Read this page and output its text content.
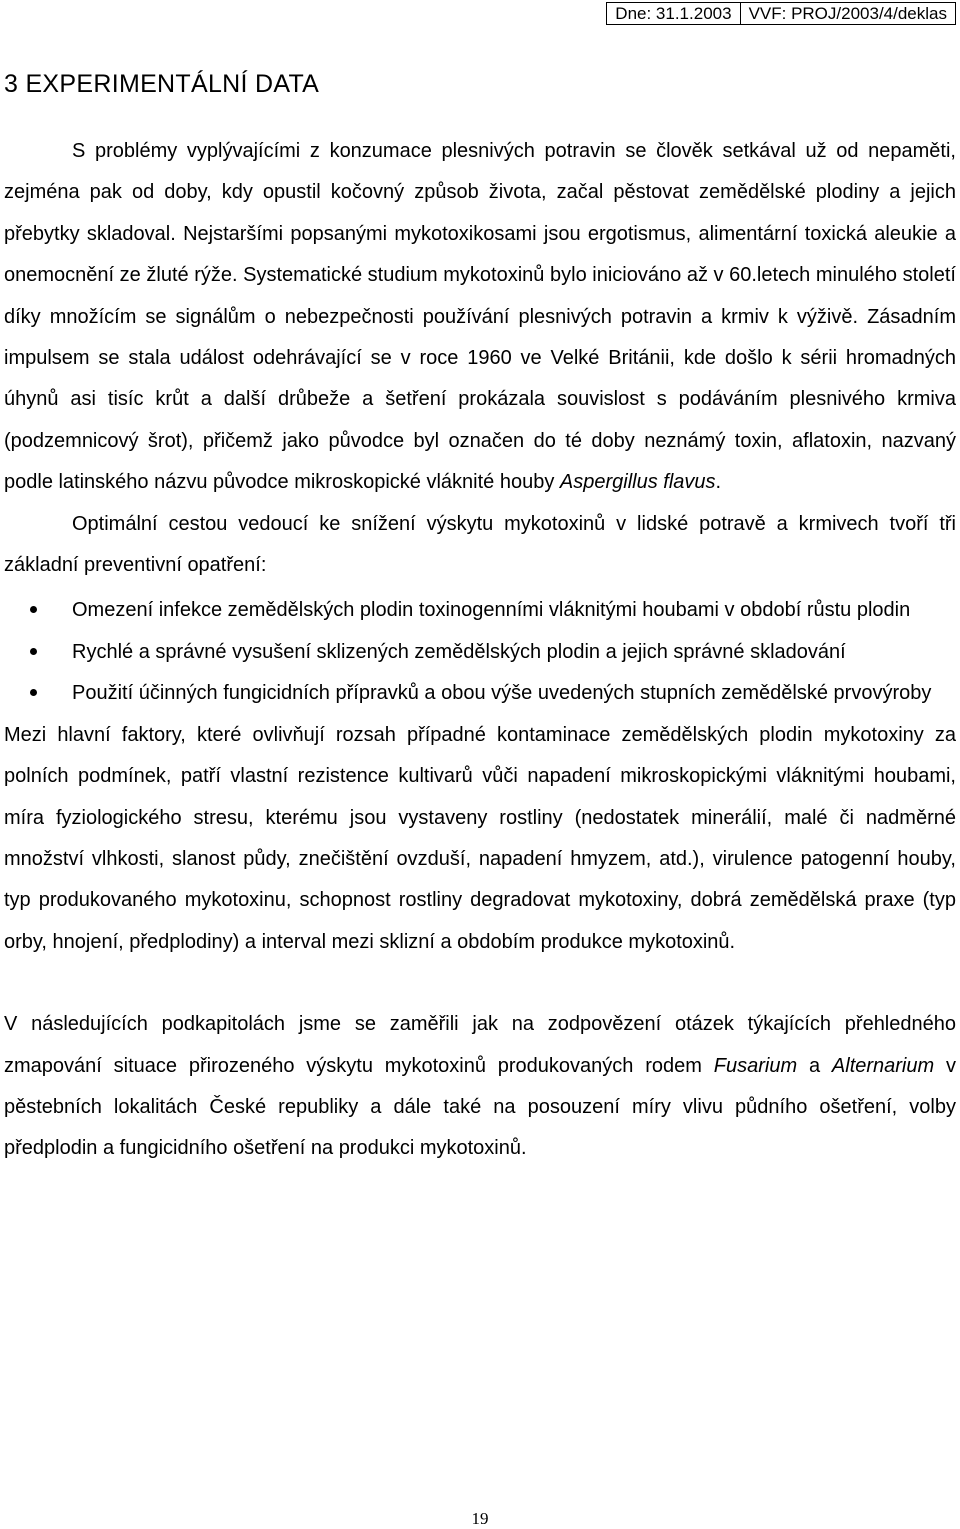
Dne: 31.1.2003	VVF: PROJ/2003/4/deklas
3 EXPERIMENTÁLNÍ DATA

S problémy vyplývajícími z konzumace plesnivých potravin se člověk setkával už od nepaměti, zejména pak od doby, kdy opustil kočovný způsob života, začal pěstovat zemědělské plodiny a jejich přebytky skladoval. Nejstaršími popsanými mykotoxikosami jsou ergotismus, alimentární toxická aleukie a onemocnění ze žluté rýže. Systematické studium mykotoxinů bylo iniciováno až v 60.letech minulého století díky množícím se signálům o nebezpečnosti používání plesnivých potravin a krmiv k výživě. Zásadním impulsem se stala událost odehrávající se v roce 1960 ve Velké Británii, kde došlo k sérii hromadných úhynů asi tisíc krůt a další drůbeže a šetření prokázala souvislost s podáváním plesnivého krmiva (podzemnicový šrot), přičemž jako původce byl označen do té doby neznámý toxin, aflatoxin, nazvaný podle latinského názvu původce mikroskopické vláknité houby Aspergillus flavus.

Optimální cestou vedoucí ke snížení výskytu mykotoxinů v lidské potravě a krmivech tvoří tři základní preventivní opatření:

Omezení infekce zemědělských plodin toxinogenními vláknitými houbami v období růstu plodin
Rychlé a správné vysušení sklizených zemědělských plodin a jejich správné skladování
Použití účinných fungicidních přípravků a obou výše uvedených stupních zemědělské prvovýroby

Mezi hlavní faktory, které ovlivňují rozsah případné kontaminace zemědělských plodin mykotoxiny za polních podmínek, patří vlastní rezistence kultivarů vůči napadení mikroskopickými vláknitými houbami, míra fyziologického stresu, kterému jsou vystaveny rostliny (nedostatek minerálií, malé či nadměrné množství vlhkosti, slanost půdy, znečištění ovzduší, napadení hmyzem, atd.), virulence patogenní houby, typ produkovaného mykotoxinu, schopnost rostliny degradovat mykotoxiny, dobrá zemědělská praxe (typ orby, hnojení, předplodiny) a interval mezi sklizní a obdobím produkce mykotoxinů.

V následujících podkapitolách jsme se zaměřili jak na zodpovězení otázek týkajících přehledného zmapování situace přirozeného výskytu mykotoxinů produkovaných rodem Fusarium a Alternarium v pěstebních lokalitách České republiky a dále také na posouzení míry vlivu půdního ošetření, volby předplodin a fungicidního ošetření na produkci mykotoxinů.

19
